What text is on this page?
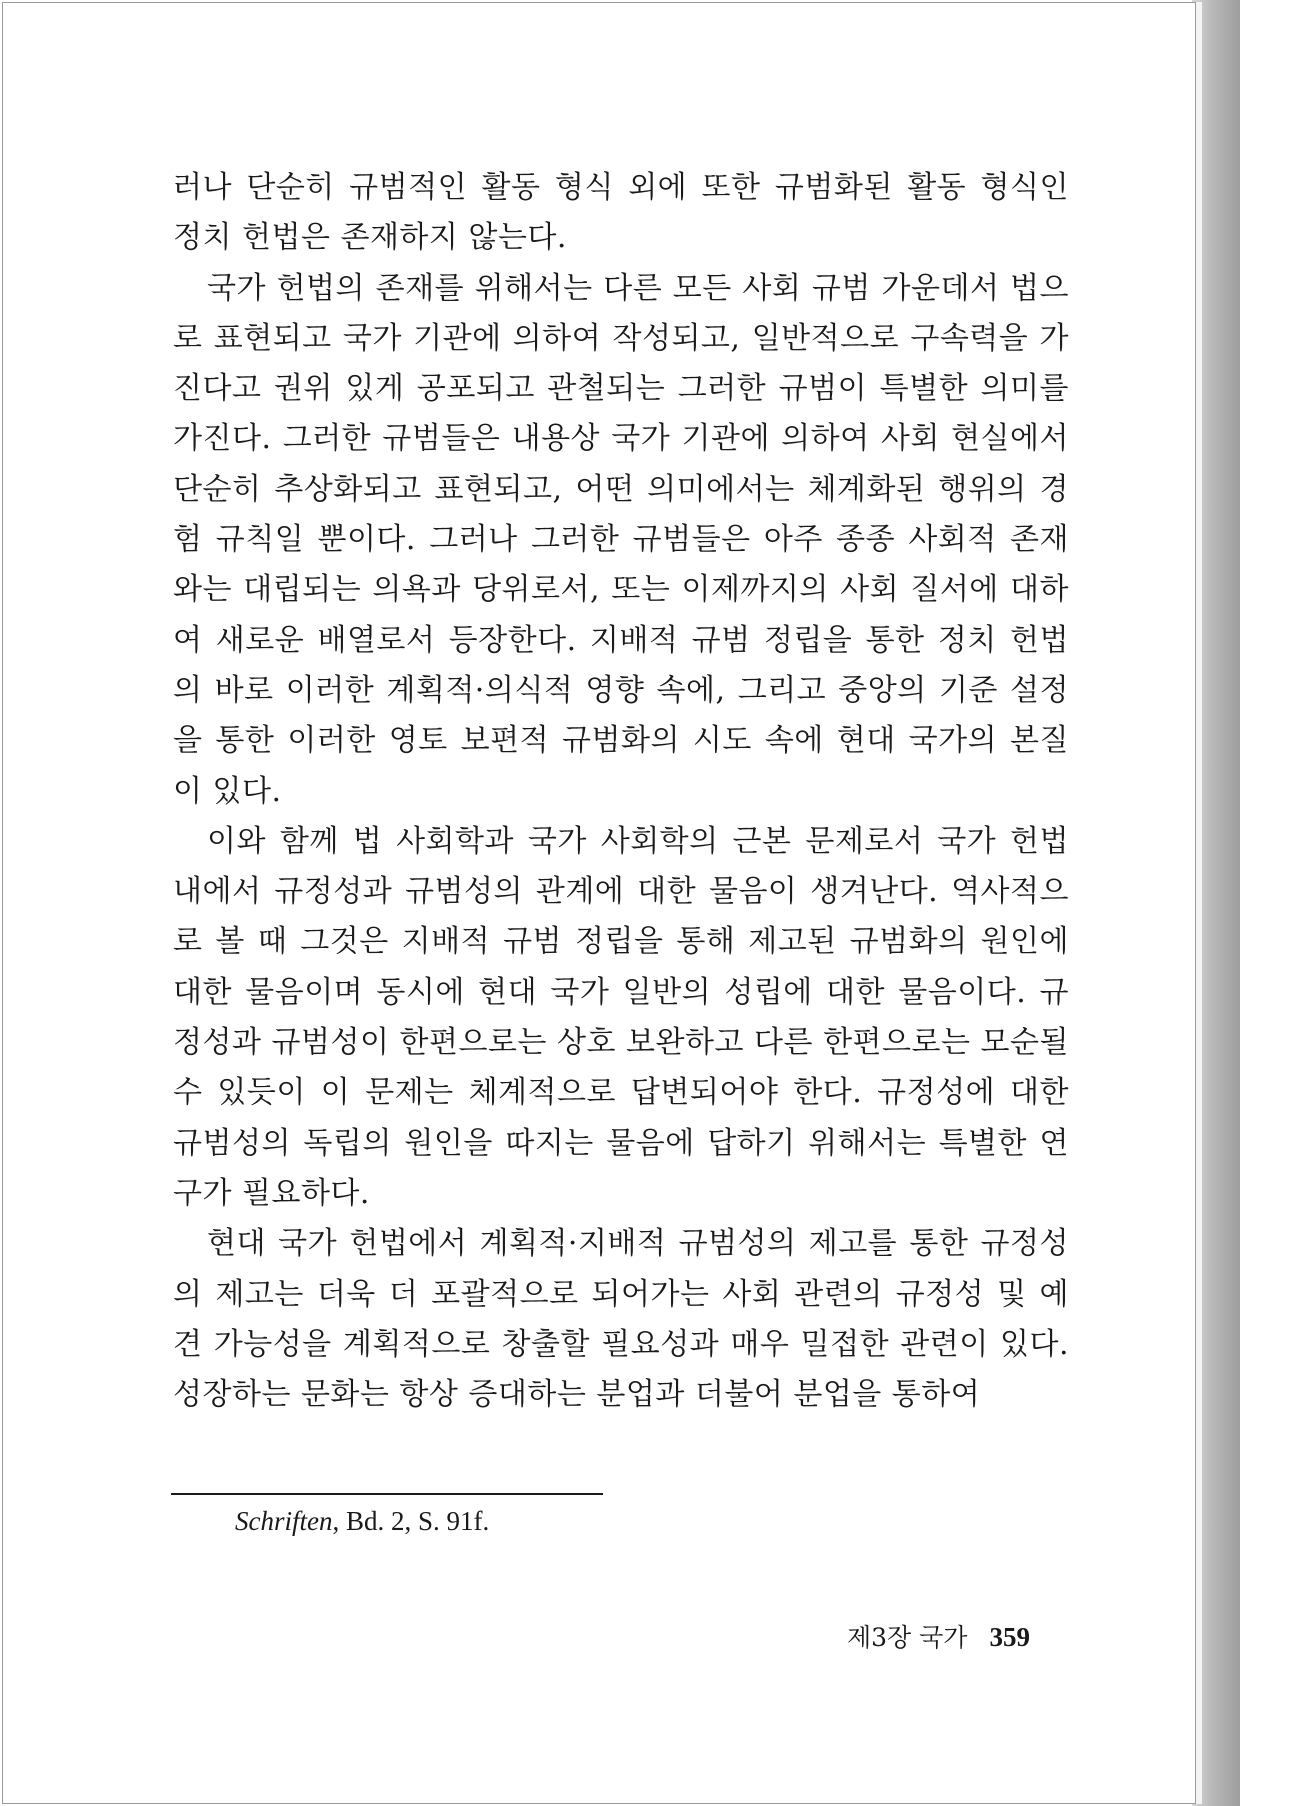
러나 단순히 규범적인 활동 형식 외에 또한 규범화된 활동 형식인 정치 헌법은 존재하지 않는다.

국가 헌법의 존재를 위해서는 다른 모든 사회 규범 가운데서 법으로 표현되고 국가 기관에 의하여 작성되고, 일반적으로 구속력을 가진다고 권위 있게 공포되고 관철되는 그러한 규범이 특별한 의미를 가진다. 그러한 규범들은 내용상 국가 기관에 의하여 사회 현실에서 단순히 추상화되고 표현되고, 어떤 의미에서는 체계화된 행위의 경험 규칙일 뿐이다. 그러나 그러한 규범들은 아주 종종 사회적 존재와는 대립되는 의욕과 당위로서, 또는 이제까지의 사회 질서에 대하여 새로운 배열로서 등장한다. 지배적 규범 정립을 통한 정치 헌법의 바로 이러한 계획적·의식적 영향 속에, 그리고 중앙의 기준 설정을 통한 이러한 영토 보편적 규범화의 시도 속에 현대 국가의 본질이 있다.

이와 함께 법 사회학과 국가 사회학의 근본 문제로서 국가 헌법 내에서 규정성과 규범성의 관계에 대한 물음이 생겨난다. 역사적으로 볼 때 그것은 지배적 규범 정립을 통해 제고된 규범화의 원인에 대한 물음이며 동시에 현대 국가 일반의 성립에 대한 물음이다. 규정성과 규범성이 한편으로는 상호 보완하고 다른 한편으로는 모순될 수 있듯이 이 문제는 체계적으로 답변되어야 한다. 규정성에 대한 규범성의 독립의 원인을 따지는 물음에 답하기 위해서는 특별한 연구가 필요하다.

현대 국가 헌법에서 계획적·지배적 규범성의 제고를 통한 규정성의 제고는 더욱 더 포괄적으로 되어가는 사회 관련의 규정성 및 예견 가능성을 계획적으로 창출할 필요성과 매우 밀접한 관련이 있다. 성장하는 문화는 항상 증대하는 분업과 더불어 분업을 통하여

Schriften, Bd. 2, S. 91f.
제3장 국가 359
